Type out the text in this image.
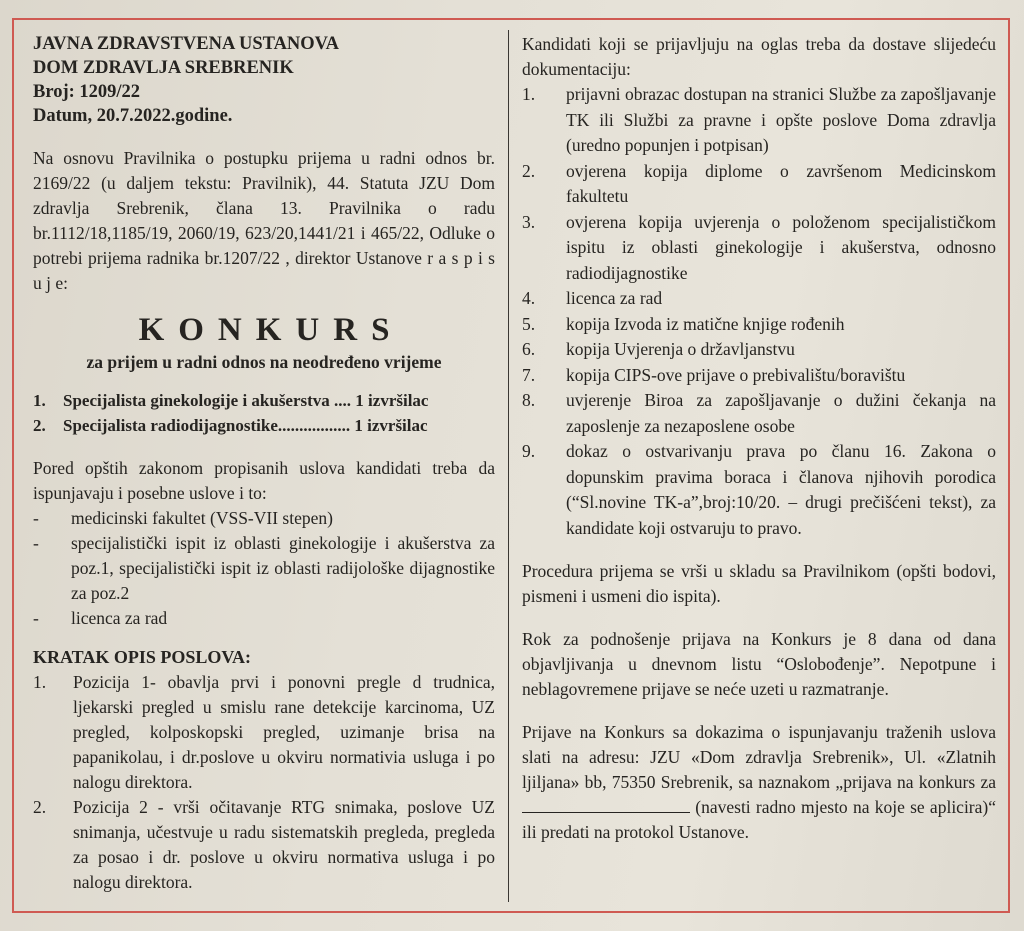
JAVNA ZDRAVSTVENA USTANOVA
DOM ZDRAVLJA SREBRENIK
Broj: 1209/22
Datum, 20.7.2022.godine.

Na osnovu Pravilnika o postupku prijema u radni odnos br. 2169/22 (u daljem tekstu: Pravilnik), 44. Statuta JZU Dom zdravlja Srebrenik, člana 13. Pravilnika o radu br.1112/18,1185/19, 2060/19, 623/20,1441/21 i 465/22, Odluke o potrebi prijema radnika br.1207/22 , direktor Ustanove r a s p i s u j e:

KONKURS
za prijem u radni odnos na neodređeno vrijeme
1.	Specijalista ginekologije i akušerstva .... 1 izvršilac
2.	Specijalista radiodijagnostike................. 1 izvršilac

Pored opštih zakonom propisanih uslova kandidati treba da ispunjavaju i posebne uslove i to:

-	medicinski fakultet (VSS-VII stepen)
-	specijalistički ispit iz oblasti ginekologije i akušerstva za poz.1, specijalistički ispit iz oblasti radijološke dijagnostike za poz.2
-	licenca za rad
KRATAK OPIS POSLOVA:
1.	Pozicija 1- obavlja prvi i ponovni pregle d trudnica, ljekarski pregled u smislu rane detekcije karcinoma, UZ pregled, kolposkopski pregled, uzimanje brisa na papanikolau, i dr.poslove u okviru normativia usluga i po nalogu direktora.
2.	Pozicija 2 - vrši očitavanje RTG snimaka, poslove UZ snimanja, učestvuje u radu sistematskih pregleda, pregleda za posao i dr. poslove u okviru normativa usluga i po nalogu direktora.

Kandidati koji se prijavljuju na oglas treba da dostave slijedeću dokumentaciju:

1.	prijavni obrazac dostupan na stranici Službe za zapošljavanje TK ili Službi za pravne i opšte poslove Doma zdravlja (uredno popunjen i potpisan)
2.	ovjerena kopija diplome o završenom Medicinskom fakultetu
3.	ovjerena kopija uvjerenja o položenom specijalističkom ispitu iz oblasti ginekologije i akušerstva, odnosno radiodijagnostike
4.	licenca za rad
5.	kopija Izvoda iz matične knjige rođenih
6.	kopija Uvjerenja o državljanstvu
7.	kopija CIPS-ove prijave o prebivalištu/boravištu
8.	uvjerenje Biroa za zapošljavanje o dužini čekanja na zaposlenje za nezaposlene osobe
9.	dokaz o ostvarivanju prava po članu 16. Zakona o dopunskim pravima boraca i članova njihovih porodica (“Sl.novine TK-a”,broj:10/20. – drugi prečišćeni tekst), za kandidate koji ostvaruju to pravo.

Procedura prijema se vrši u skladu sa Pravilnikom (opšti bodovi, pismeni i usmeni dio ispita).

Rok za podnošenje prijava na Konkurs je 8 dana od dana objavljivanja u dnevnom listu “Oslobođenje”. Nepotpune i neblagovremene prijave se neće uzeti u razmatranje.

Prijave na Konkurs sa dokazima o ispunjavanju traženih uslova slati na adresu: JZU «Dom zdravlja Srebrenik», Ul. «Zlatnih ljiljana» bb, 75350 Srebrenik, sa naznakom „prijava na konkurs za  (navesti radno mjesto na koje se aplicira)“ ili predati na protokol Ustanove.
